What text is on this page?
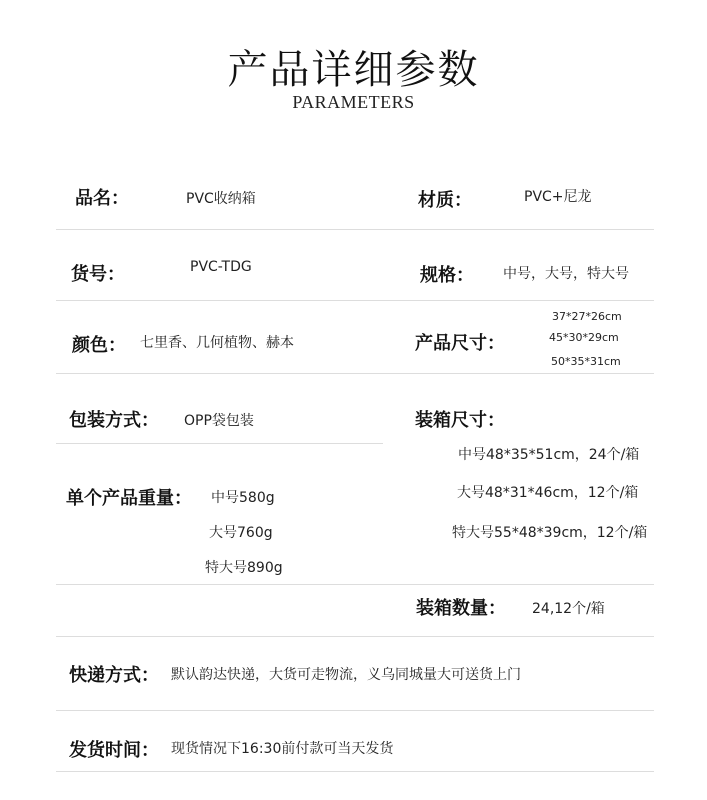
产品详细参数
PARAMETERS
品名：	PVC收纳箱	材质：	PVC+尼龙
货号：	PVC-TDG	规格： 中号，大号，特大号
颜色： 七里香、几何植物、赫本	产品尺寸：
37*27*26cm
45*30*29cm
50*35*31cm
包装方式： OPP袋包装	装箱尺寸：
中号48*35*51cm，24个/箱
大号48*31*46cm，12个/箱
特大号55*48*39cm，12个/箱
单个产品重量： 中号580g
大号760g
特大号890g
装箱数量： 24,12个/箱
快递方式： 默认韵达快递，大货可走物流，义乌同城量大可送货上门
发货时间： 现货情况下16:30前付款可当天发货
